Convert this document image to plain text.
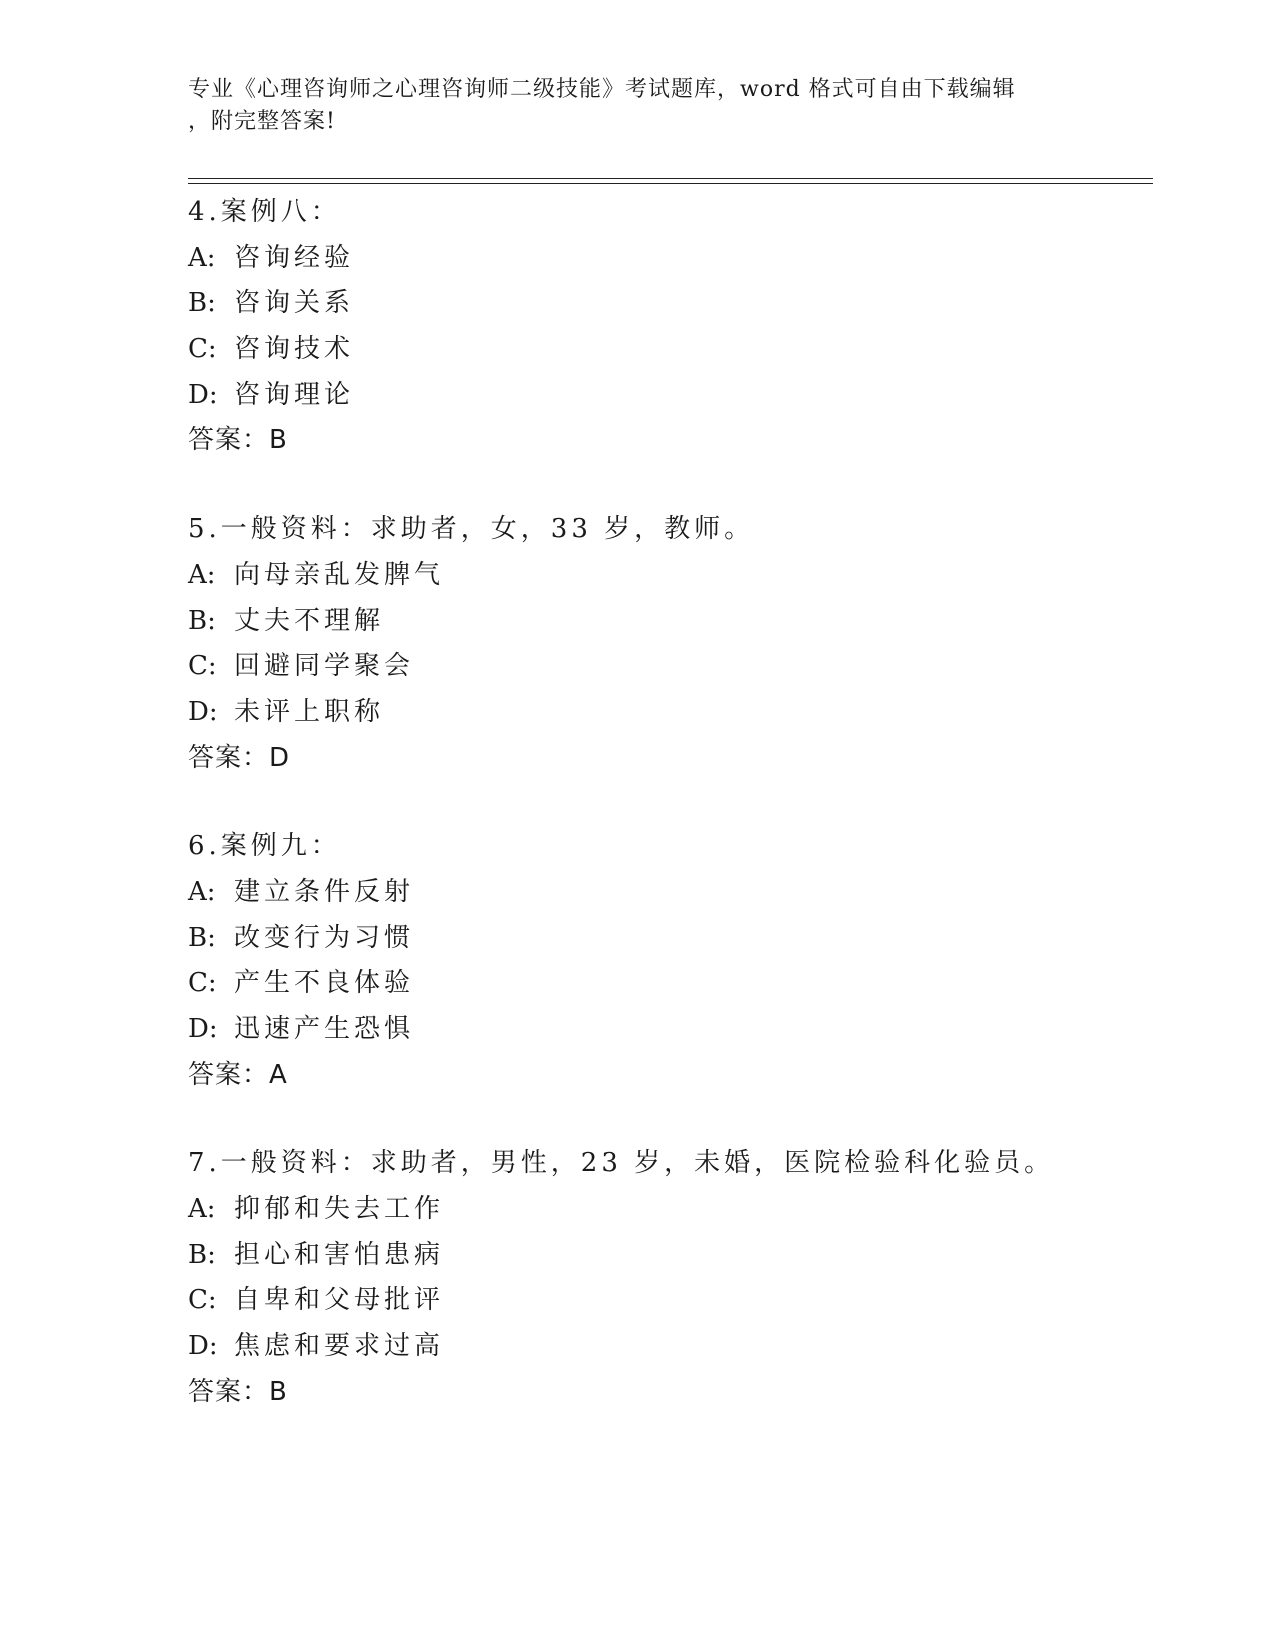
专业《心理咨询师之心理咨询师二级技能》考试题库，word 格式可自由下载编辑
，附完整答案!
4.案例八：
A: 咨询经验
B: 咨询关系
C: 咨询技术
D: 咨询理论
答案：B
5.一般资料：求助者，女，33 岁，教师。
A: 向母亲乱发脾气
B: 丈夫不理解
C: 回避同学聚会
D: 未评上职称
答案：D
6.案例九：
A: 建立条件反射
B: 改变行为习惯
C: 产生不良体验
D: 迅速产生恐惧
答案：A
7.一般资料：求助者，男性，23 岁，未婚，医院检验科化验员。
A: 抑郁和失去工作
B: 担心和害怕患病
C: 自卑和父母批评
D: 焦虑和要求过高
答案：B
